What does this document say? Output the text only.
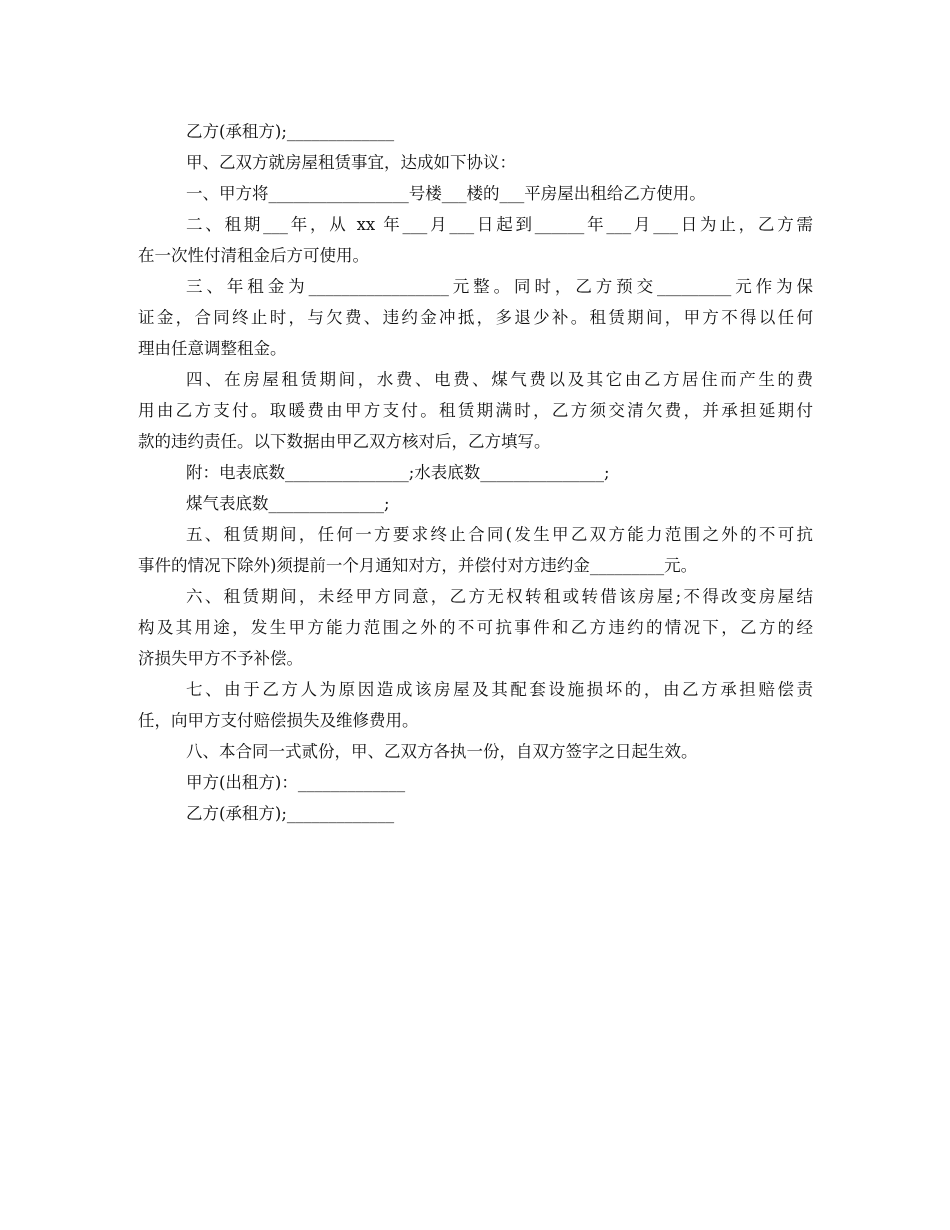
乙方(承租方);_____________

甲、乙双方就房屋租赁事宜，达成如下协议：

一、甲方将_________________号楼___楼的___平房屋出租给乙方使用。

二、租期___年，从 xx 年___月___日起到______年___月___日为止，乙方需

在一次性付清租金后方可使用。

三、年租金为_________________元整。同时，乙方预交_________元作为保

证金，合同终止时，与欠费、违约金冲抵，多退少补。租赁期间，甲方不得以任何

理由任意调整租金。

四、在房屋租赁期间，水费、电费、煤气费以及其它由乙方居住而产生的费

用由乙方支付。取暖费由甲方支付。租赁期满时，乙方须交清欠费，并承担延期付

款的违约责任。以下数据由甲乙双方核对后，乙方填写。

附：电表底数_______________;水表底数_______________;

煤气表底数______________;

五、租赁期间，任何一方要求终止合同(发生甲乙双方能力范围之外的不可抗

事件的情况下除外)须提前一个月通知对方，并偿付对方违约金_________元。

六、租赁期间，未经甲方同意，乙方无权转租或转借该房屋;不得改变房屋结

构及其用途，发生甲方能力范围之外的不可抗事件和乙方违约的情况下，乙方的经

济损失甲方不予补偿。

七、由于乙方人为原因造成该房屋及其配套设施损坏的，由乙方承担赔偿责

任，向甲方支付赔偿损失及维修费用。

八、本合同一式贰份，甲、乙双方各执一份，自双方签字之日起生效。

甲方(出租方)：_____________

乙方(承租方);_____________
